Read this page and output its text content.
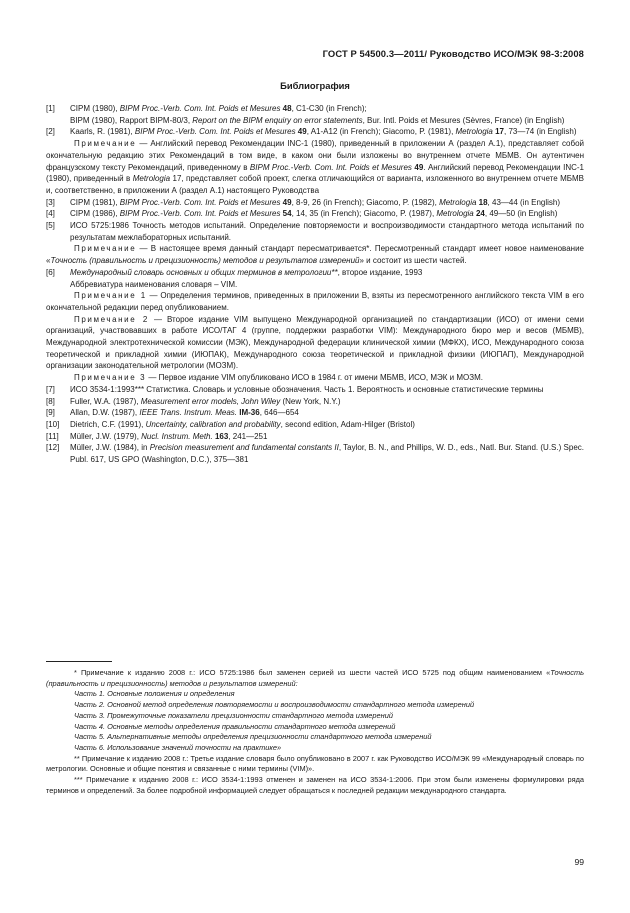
ГОСТ Р 54500.3—2011/ Руководство ИСО/МЭК 98-3:2008
Библиография
[1] CIPM (1980), BIPM Proc.-Verb. Com. Int. Poids et Mesures 48, C1-C30 (in French);

BIPM (1980), Rapport BIPM-80/3, Report on the BIPM enquiry on error statements, Bur. Intl. Poids et Mesures (Sèvres, France) (in English)

[2] Kaarls, R. (1981), BIPM Proc.-Verb. Com. Int. Poids et Mesures 49, A1-A12 (in French); Giacomo, P. (1981), Metrologia 17, 73—74 (in English)

Примечание — Английский перевод Рекомендации INC-1 (1980), приведенный в приложении А (раздел А.1), представляет собой окончательную редакцию этих Рекомендаций в том виде, в каком они были изложены во внутреннем отчете МБМВ. Он аутентичен французскому тексту Рекомендаций, приведенному в BIPM Proc.-Verb. Com. Int. Poids et Mesures 49. Английский перевод Рекомендации INC-1 (1980), приведенный в Metrologia 17, представляет собой проект, слегка отличающийся от варианта, изложенного во внутреннем отчете МБМВ и, соответственно, в приложении А (раздел А.1) настоящего Руководства

[3] CIPM (1981), BIPM Proc.-Verb. Com. Int. Poids et Mesures 49, 8-9, 26 (in French); Giacomo, P. (1982), Metrologia 18, 43—44 (in English)

[4] CIPM (1986), BIPM Proc.-Verb. Com. Int. Poids et Mesures 54, 14, 35 (in French); Giacomo, P. (1987), Metrologia 24, 49—50 (in English)

[5] ИСО 5725:1986 Точность методов испытаний. Определение повторяемости и воспроизводимости стандартного метода испытаний по результатам межлабораторных испытаний.

Примечание — В настоящее время данный стандарт пересматривается*. Пересмотренный стандарт имеет новое наименование «Точность (правильность и прецизионность) методов и результатов измерений» и состоит из шести частей.

[6] Международный словарь основных и общих терминов в метрологии**, второе издание, 1993

Аббревиатура наименования словаря – VIM.

Примечание 1 — Определения терминов, приведенных в приложении B, взяты из пересмотренного английского текста VIM в его окончательной редакции перед опубликованием.

Примечание 2 — Второе издание VIM выпущено Международной организацией по стандартизации (ИСО) от имени семи организаций, участвовавших в работе ИСО/ТАГ 4 (группе, поддержки разработки VIM): Международного бюро мер и весов (МБМВ), Международной электротехнической комиссии (МЭК), Международной федерации клинической химии (МФКХ), ИСО, Международного союза теоретической и прикладной химии (ИЮПАК), Международного союза теоретической и прикладной физики (ИЮПАП), Международной организации законодательной метрологии (МОЗМ).

Примечание 3 — Первое издание VIM опубликовано ИСО в 1984 г. от имени МБМВ, ИСО, МЭК и МОЗМ.

[7] ИСО 3534-1:1993*** Статистика. Словарь и условные обозначения. Часть 1. Вероятность и основные статистические термины

[8] Fuller, W.A. (1987), Measurement error models, John Wiley (New York, N.Y.)

[9] Allan, D.W. (1987), IEEE Trans. Instrum. Meas. IM-36, 646—654

[10] Dietrich, C.F. (1991), Uncertainty, calibration and probability, second edition, Adam-Hilger (Bristol)

[11] Müller, J.W. (1979), Nucl. Instrum. Meth. 163, 241—251

[12] Müller, J.W. (1984), in Precision measurement and fundamental constants II, Taylor, B. N., and Phillips, W. D., eds., Natl. Bur. Stand. (U.S.) Spec. Publ. 617, US GPO (Washington, D.C.), 375—381

* Примечание к изданию 2008 г.: ИСО 5725:1986 был заменен серией из шести частей ИСО 5725 под общим наименованием «Точность (правильность и прецизионность) методов и результатов измерений:

Часть 1. Основные положения и определения

Часть 2. Основной метод определения повторяемости и воспроизводимости стандартного метода измерений

Часть 3. Промежуточные показатели прецизионности стандартного метода измерений

Часть 4. Основные методы определения правильности стандартного метода измерений

Часть 5. Альтернативные методы определения прецизионности стандартного метода измерений

Часть 6. Использование значений точности на практике»

** Примечание к изданию 2008 г.: Третье издание словаря было опубликовано в 2007 г. как Руководство ИСО/МЭК 99 «Международный словарь по метрологии. Основные и общие понятия и связанные с ними термины (VIM)».

*** Примечание к изданию 2008 г.: ИСО 3534-1:1993 отменен и заменен на ИСО 3534-1:2006. При этом были изменены формулировки ряда терминов и определений. За более подробной информацией следует обращаться к последней редакции международного стандарта.

99
